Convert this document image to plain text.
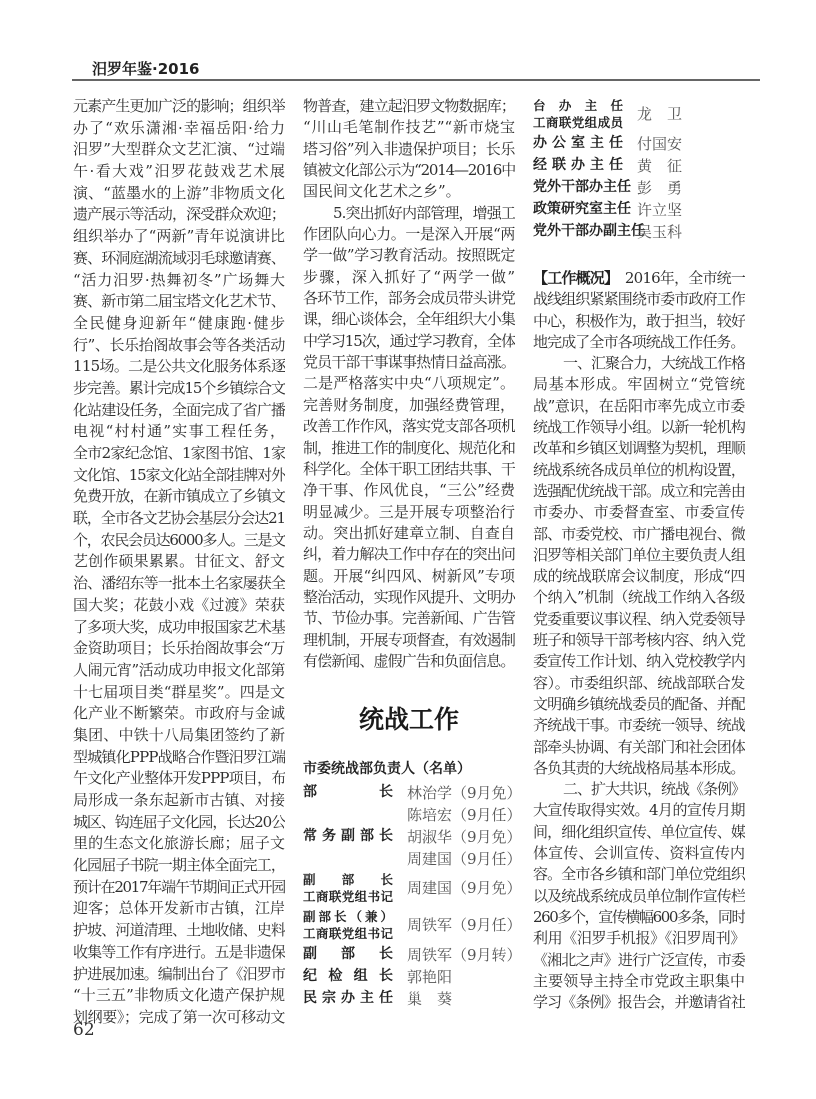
汨罗年鉴·2016
元素产生更加广泛的影响；组织举
办了“欢乐潇湘·幸福岳阳·给力
汨罗”大型群众文艺汇演、“过端
午·看大戏”汨罗花鼓戏艺术展
演、“蓝墨水的上游”非物质文化
遗产展示等活动，深受群众欢迎；
组织举办了“两新”青年说演讲比
赛、环洞庭湖流域羽毛球邀请赛、
“活力汨罗·热舞初冬”广场舞大
赛、新市第二届宝塔文化艺术节、
全民健身迎新年“健康跑·健步
行”、长乐抬阁故事会等各类活动
115场。二是公共文化服务体系逐
步完善。累计完成15个乡镇综合文
化站建设任务，全面完成了省广播
电视“村村通”实事工程任务，
全市2家纪念馆、1家图书馆、1家
文化馆、15家文化站全部挂牌对外
免费开放，在新市镇成立了乡镇文
联，全市各文艺协会基层分会达21
个，农民会员达6000多人。三是文
艺创作硕果累累。甘征文、舒文
治、潘绍东等一批本土名家屡获全
国大奖；花鼓小戏《过渡》荣获
了多项大奖，成功申报国家艺术基
金资助项目；长乐抬阁故事会“万
人闹元宵”活动成功申报文化部第
十七届项目类“群星奖”。四是文
化产业不断繁荣。市政府与金诚
集团、中铁十八局集团签约了新
型城镇化PPP战略合作暨汨罗江端
午文化产业整体开发PPP项目，布
局形成一条东起新市古镇、对接
城区、钩连屈子文化园，长达20公
里的生态文化旅游长廊；屈子文
化园屈子书院一期主体全面完工，
预计在2017年端午节期间正式开园
迎客；总体开发新市古镇，江岸
护坡、河道清理、土地收储、史料
收集等工作有序进行。五是非遗保
护进展加速。编制出台了《汨罗市
“十三五”非物质文化遗产保护规
划纲要》；完成了第一次可移动文
物普查，建立起汨罗文物数据库；
“川山毛笔制作技艺”“新市烧宝
塔习俗”列入非遗保护项目；长乐
镇被文化部公示为“2014—2016中
国民间文化艺术之乡”。
5.突出抓好内部管理，增强工
作团队向心力。一是深入开展“两
学一做”学习教育活动。按照既定
步骤，深入抓好了“两学一做”
各环节工作，部务会成员带头讲党
课，细心谈体会，全年组织大小集
中学习15次，通过学习教育，全体
党员干部干事谋事热情日益高涨。
二是严格落实中央“八项规定”。
完善财务制度，加强经费管理，
改善工作作风，落实党支部各项机
制，推进工作的制度化、规范化和
科学化。全体干职工团结共事、干
净干事、作风优良，“三公”经费
明显减少。三是开展专项整治行
动。突出抓好建章立制、自查自
纠，着力解决工作中存在的突出问
题。开展“纠四风、树新风”专项
整治活动，实现作风提升、文明办
节、节俭办事。完善新闻、广告管
理机制，开展专项督查，有效遏制
有偿新闻、虚假广告和负面信息。
【工作概况】　2016年，全市统一
战线组织紧紧围绕市委市政府工作
中心，积极作为，敢于担当，较好
地完成了全市各项统战工作任务。
一、汇聚合力，大统战工作格
局基本形成。牢固树立“党管统
战”意识，在岳阳市率先成立市委
统战工作领导小组。以新一轮机构
改革和乡镇区划调整为契机，理顺
统战系统各成员单位的机构设置，
选强配优统战干部。成立和完善由
市委办、市委督查室、市委宣传
部、市委党校、市广播电视台、微
汨罗等相关部门单位主要负责人组
成的统战联席会议制度，形成“四
个纳入”机制（统战工作纳入各级
党委重要议事议程、纳入党委领导
班子和领导干部考核内容、纳入党
委宣传工作计划、纳入党校教学内
容）。市委组织部、统战部联合发
文明确乡镇统战委员的配备、并配
齐统战干事。市委统一领导、统战
部牵头协调、有关部门和社会团体
各负其责的大统战格局基本形成。
二、扩大共识，统战《条例》
大宣传取得实效。4月的宣传月期
间，细化组织宣传、单位宣传、媒
体宣传、会训宣传、资料宣传内
容。全市各乡镇和部门单位党组织
以及统战系统成员单位制作宣传栏
260多个，宣传横幅600多条，同时
利用《汨罗手机报》《汨罗周刊》
《湘北之声》进行广泛宣传，市委
主要领导主持全市党政主职集中
学习《条例》报告会，并邀请省社
统战工作
市委统战部负责人（名单）
部　　　　长 林治学（9月免）
陈培宏（9月任）
常务副部长 胡淑华（9月免）
周建国（9月任）
副　部　长
工商联党组书记 周建国（9月免）
副部长（兼）
工商联党组书记 周铁军（9月任）
副　部　长 周铁军（9月转）
纪检组长 郭艳阳
民宗办主任 巢　葵
台办主任
工商联党组成员 龙　卫
办公室主任 付国安
经联办主任 黄　征
党外干部办主任 彭　勇
政策研究室主任 许立坚
党外干部办副主任
吴玉科
62
